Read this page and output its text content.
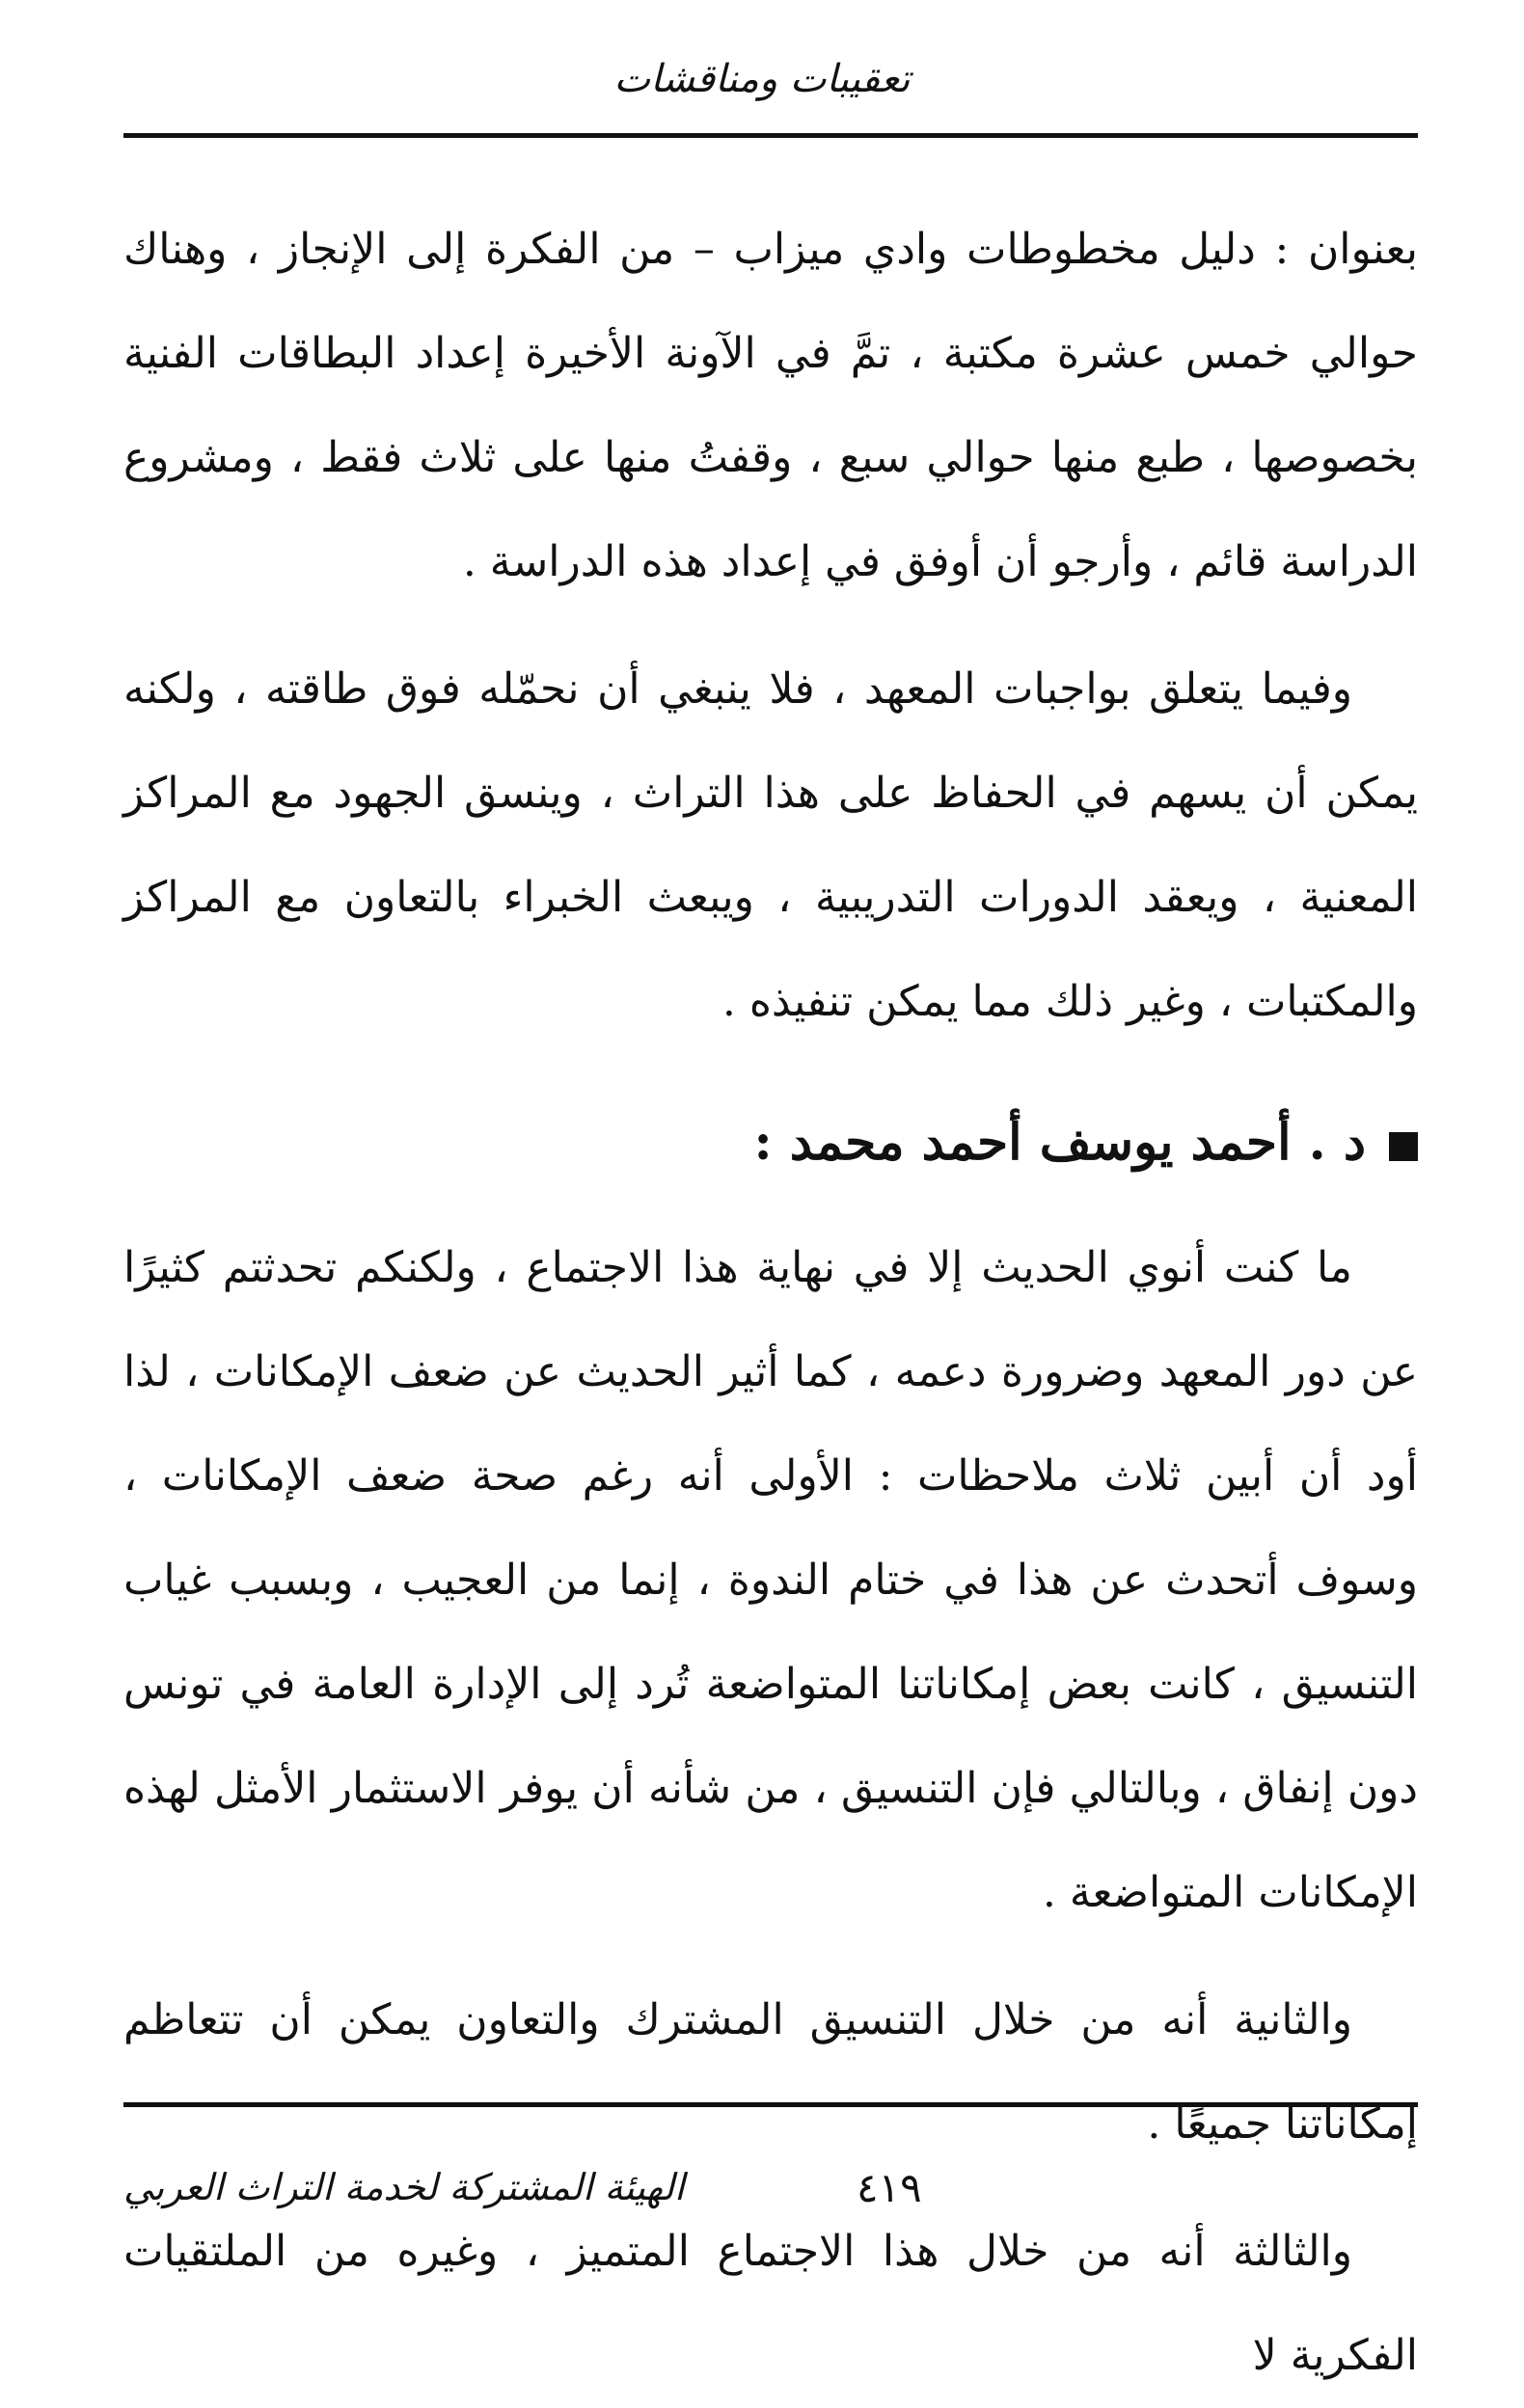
تعقيبات ومناقشات

بعنوان : دليل مخطوطات وادي ميزاب – من الفكرة إلى الإنجاز ، وهناك حوالي خمس عشرة مكتبة ، تمَّ في الآونة الأخيرة إعداد البطاقات الفنية بخصوصها ، طبع منها حوالي سبع ، وقفتُ منها على ثلاث فقط ، ومشروع الدراسة قائم ، وأرجو أن أوفق في إعداد هذه الدراسة .

وفيما يتعلق بواجبات المعهد ، فلا ينبغي أن نحمّله فوق طاقته ، ولكنه يمكن أن يسهم في الحفاظ على هذا التراث ، وينسق الجهود مع المراكز المعنية ، ويعقد الدورات التدريبية ، ويبعث الخبراء بالتعاون مع المراكز والمكتبات ، وغير ذلك مما يمكن تنفيذه .

د . أحمد يوسف أحمد محمد :

ما كنت أنوي الحديث إلا في نهاية هذا الاجتماع ، ولكنكم تحدثتم كثيرًا عن دور المعهد وضرورة دعمه ، كما أثير الحديث عن ضعف الإمكانات ، لذا أود أن أبين ثلاث ملاحظات : الأولى أنه رغم صحة ضعف الإمكانات ، وسوف أتحدث عن هذا في ختام الندوة ، إنما من العجيب ، وبسبب غياب التنسيق ، كانت بعض إمكاناتنا المتواضعة تُرد إلى الإدارة العامة في تونس دون إنفاق ، وبالتالي فإن التنسيق ، من شأنه أن يوفر الاستثمار الأمثل لهذه الإمكانات المتواضعة .

والثانية أنه من خلال التنسيق المشترك والتعاون يمكن أن تتعاظم إمكاناتنا جميعًا .

والثالثة أنه من خلال هذا الاجتماع المتميز ، وغيره من الملتقيات الفكرية لا

الهيئة المشتركة لخدمة التراث العربي	٤١٩
